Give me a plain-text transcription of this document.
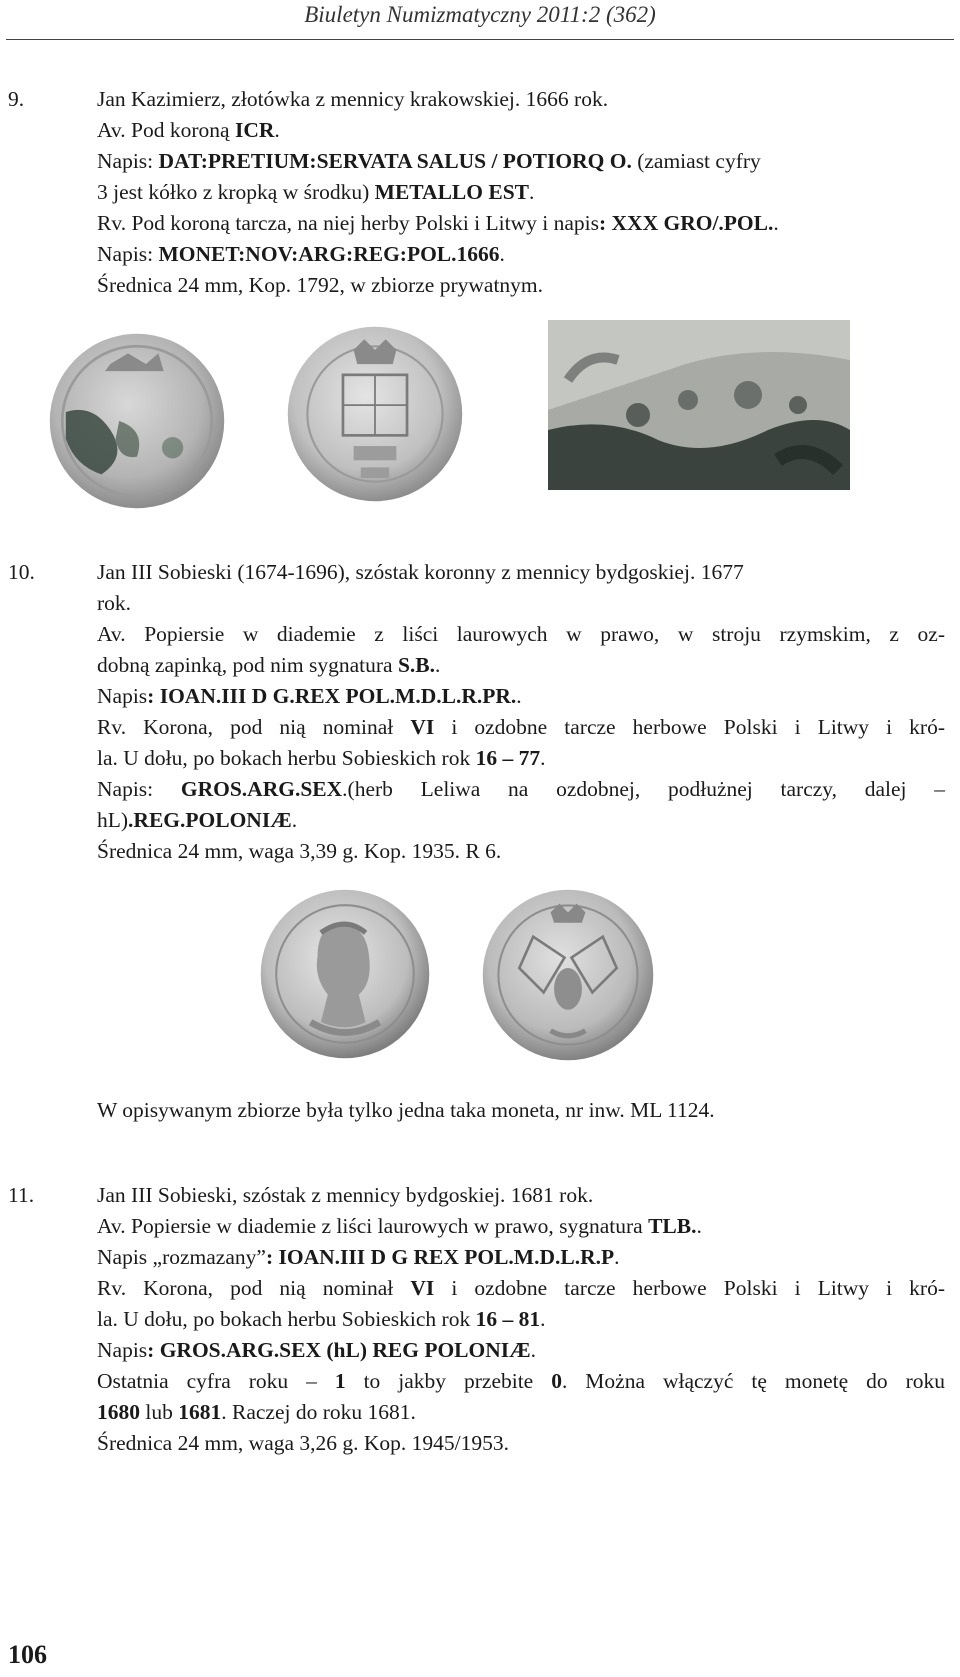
Biuletyn Numizmatyczny 2011:2 (362)
9.	Jan Kazimierz, złotówka z mennicy krakowskiej. 1666 rok.
Av. Pod koroną ICR.
Napis: DAT:PRETIUM:SERVATA SALUS / POTIORQ O. (zamiast cyfry
3 jest kółko z kropką w środku) METALLO EST.
Rv. Pod koroną tarcza, na niej herby Polski i Litwy i napis: XXX GRO/.POL..
Napis: MONET:NOV:ARG:REG:POL.1666.
Średnica 24 mm, Kop. 1792, w zbiorze prywatnym.
10.	Jan III Sobieski (1674-1696), szóstak koronny z mennicy bydgoskiej. 1677
rok.
Av. Popiersie w diademie z liści laurowych w prawo, w stroju rzymskim, z oz-
dobną zapinką, pod nim sygnatura S.B..
Napis: IOAN.III D G.REX POL.M.D.L.R.PR..
Rv. Korona, pod nią nominał VI i ozdobne tarcze herbowe Polski i Litwy i kró-
la. U dołu, po bokach herbu Sobieskich rok 16 – 77.
Napis: GROS.ARG.SEX.(herb Leliwa na ozdobnej, podłużnej tarczy, dalej –
hL).REG.POLONIÆ.
Średnica 24 mm, waga 3,39 g. Kop. 1935. R 6.
W opisywanym zbiorze była tylko jedna taka moneta, nr inw. ML 1124.
11.	Jan III Sobieski, szóstak z mennicy bydgoskiej. 1681 rok.
Av. Popiersie w diademie z liści laurowych w prawo, sygnatura TLB..
Napis „rozmazany”: IOAN.III D G REX POL.M.D.L.R.P.
Rv. Korona, pod nią nominał VI i ozdobne tarcze herbowe Polski i Litwy i kró-
la. U dołu, po bokach herbu Sobieskich rok 16 – 81.
Napis: GROS.ARG.SEX (hL) REG POLONIÆ.
Ostatnia cyfra roku – 1 to jakby przebite 0. Można włączyć tę monetę do roku
1680 lub 1681. Raczej do roku 1681.
Średnica 24 mm, waga 3,26 g. Kop. 1945/1953.
106
